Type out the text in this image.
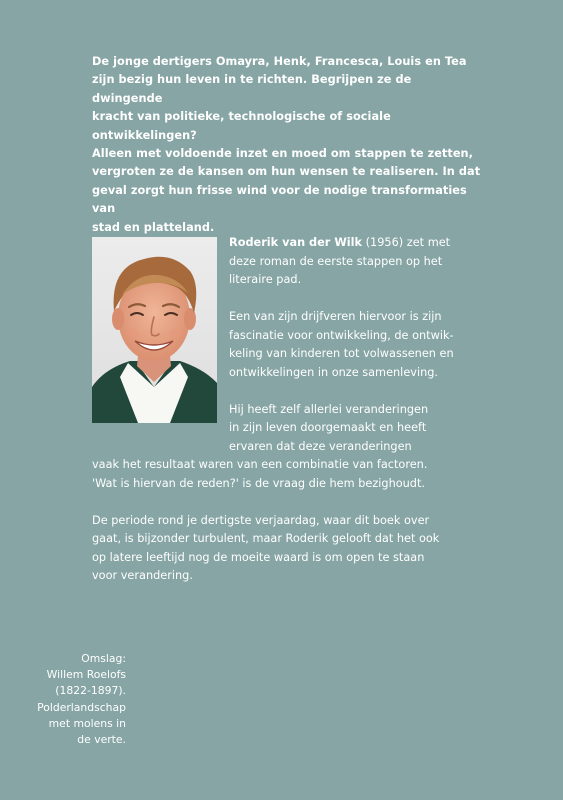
De jonge dertigers Omayra, Henk, Francesca, Louis en Tea
zijn bezig hun leven in te richten. Begrijpen ze de dwingende
kracht van politieke, technologische of sociale ontwikkelingen?
Alleen met voldoende inzet en moed om stappen te zetten,
vergroten ze de kansen om hun wensen te realiseren. In dat
geval zorgt hun frisse wind voor de nodige transformaties van
stad en platteland.

Roderik van der Wilk (1956) zet met
deze roman de eerste stappen op het
literaire pad.

Een van zijn drijfveren hiervoor is zijn
fascinatie voor ontwikkeling, de ontwik-
keling van kinderen tot volwassenen en
ontwikkelingen in onze samenleving.

Hij heeft zelf allerlei veranderingen
in zijn leven doorgemaakt en heeft
ervaren dat deze veranderingen
vaak het resultaat waren van een combinatie van factoren.
'Wat is hiervan de reden?' is de vraag die hem bezighoudt.

De periode rond je dertigste verjaardag, waar dit boek over
gaat, is bijzonder turbulent, maar Roderik gelooft dat het ook
op latere leeftijd nog de moeite waard is om open te staan
voor verandering.

Omslag:
Willem Roelofs
(1822-1897).
Polderlandschap
met molens in
de verte.
